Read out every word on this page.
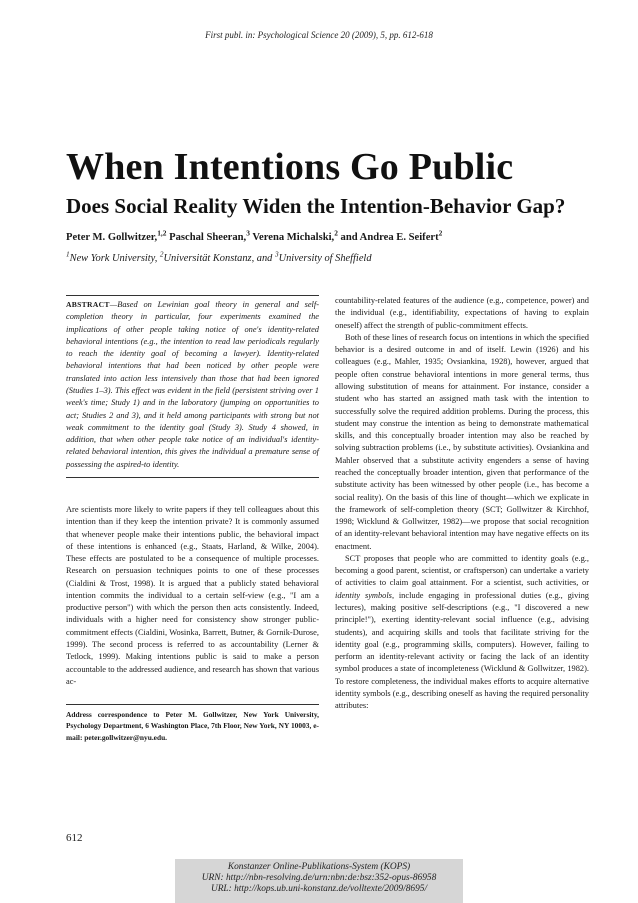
First publ. in: Psychological Science 20 (2009), 5, pp. 612-618
When Intentions Go Public
Does Social Reality Widen the Intention-Behavior Gap?
Peter M. Gollwitzer,$^{1,2}$ Paschal Sheeran,$^3$ Verena Michalski,$^2$ and Andrea E. Seifert$^2$
$^1$New York University, $^2$Universität Konstanz, and $^3$University of Sheffield
ABSTRACT—Based on Lewinian goal theory in general and self-completion theory in particular, four experiments examined the implications of other people taking notice of one's identity-related behavioral intentions (e.g., the intention to read law periodicals regularly to reach the identity goal of becoming a lawyer). Identity-related behavioral intentions that had been noticed by other people were translated into action less intensively than those that had been ignored (Studies 1–3). This effect was evident in the field (persistent striving over 1 week's time; Study 1) and in the laboratory (jumping on opportunities to act; Studies 2 and 3), and it held among participants with strong but not weak commitment to the identity goal (Study 3). Study 4 showed, in addition, that when other people take notice of an individual's identity-related behavioral intention, this gives the individual a premature sense of possessing the aspired-to identity.

Are scientists more likely to write papers if they tell colleagues about this intention than if they keep the intention private? It is commonly assumed that whenever people make their intentions public, the behavioral impact of these intentions is enhanced (e.g., Staats, Harland, & Wilke, 2004). These effects are postulated to be a consequence of multiple processes. Research on persuasion techniques points to one of these processes (Cialdini & Trost, 1998). It is argued that a publicly stated behavioral intention commits the individual to a certain self-view (e.g., "I am a productive person") with which the person then acts consistently. Indeed, individuals with a higher need for consistency show stronger public-commitment effects (Cialdini, Wosinka, Barrett, Butner, & Gornik-Durose, 1999). The second process is referred to as accountability (Lerner & Tetlock, 1999). Making intentions public is said to make a person accountable to the addressed audience, and research has shown that various ac-

Address correspondence to Peter M. Gollwitzer, New York University, Psychology Department, 6 Washington Place, 7th Floor, New York, NY 10003, e-mail: peter.gollwitzer@nyu.edu.

countability-related features of the audience (e.g., competence, power) and the individual (e.g., identifiability, expectations of having to explain oneself) affect the strength of public-commitment effects.

Both of these lines of research focus on intentions in which the specified behavior is a desired outcome in and of itself. Lewin (1926) and his colleagues (e.g., Mahler, 1935; Ovsiankina, 1928), however, argued that people often construe behavioral intentions in more general terms, thus allowing substitution of means for attainment. For instance, consider a student who has started an assigned math task with the intention to successfully solve the required addition problems. During the process, this student may construe the intention as being to demonstrate mathematical skills, and this conceptually broader intention may also be reached by solving subtraction problems (i.e., by substitute activities). Ovsiankina and Mahler observed that a substitute activity engenders a sense of having reached the conceptually broader intention, given that performance of the substitute activity has been witnessed by other people (i.e., has become a social reality). On the basis of this line of thought—which we explicate in the framework of self-completion theory (SCT; Gollwitzer & Kirchhof, 1998; Wicklund & Gollwitzer, 1982)—we propose that social recognition of an identity-relevant behavioral intention may have negative effects on its enactment.

SCT proposes that people who are committed to identity goals (e.g., becoming a good parent, scientist, or craftsperson) can undertake a variety of activities to claim goal attainment. For a scientist, such activities, or identity symbols, include engaging in professional duties (e.g., giving lectures), making positive self-descriptions (e.g., "I discovered a new principle!"), exerting identity-relevant social influence (e.g., advising students), and acquiring skills and tools that facilitate striving for the identity goal (e.g., programming skills, computers). However, failing to perform an identity-relevant activity or facing the lack of an identity symbol produces a state of incompleteness (Wicklund & Gollwitzer, 1982). To restore completeness, the individual makes efforts to acquire alternative identity symbols (e.g., describing oneself as having the required personality attributes:

612
Konstanzer Online-Publikations-System (KOPS)
URN: http://nbn-resolving.de/urn:nbn:de:bsz:352-opus-86958
URL: http://kops.ub.uni-konstanz.de/volltexte/2009/8695/
